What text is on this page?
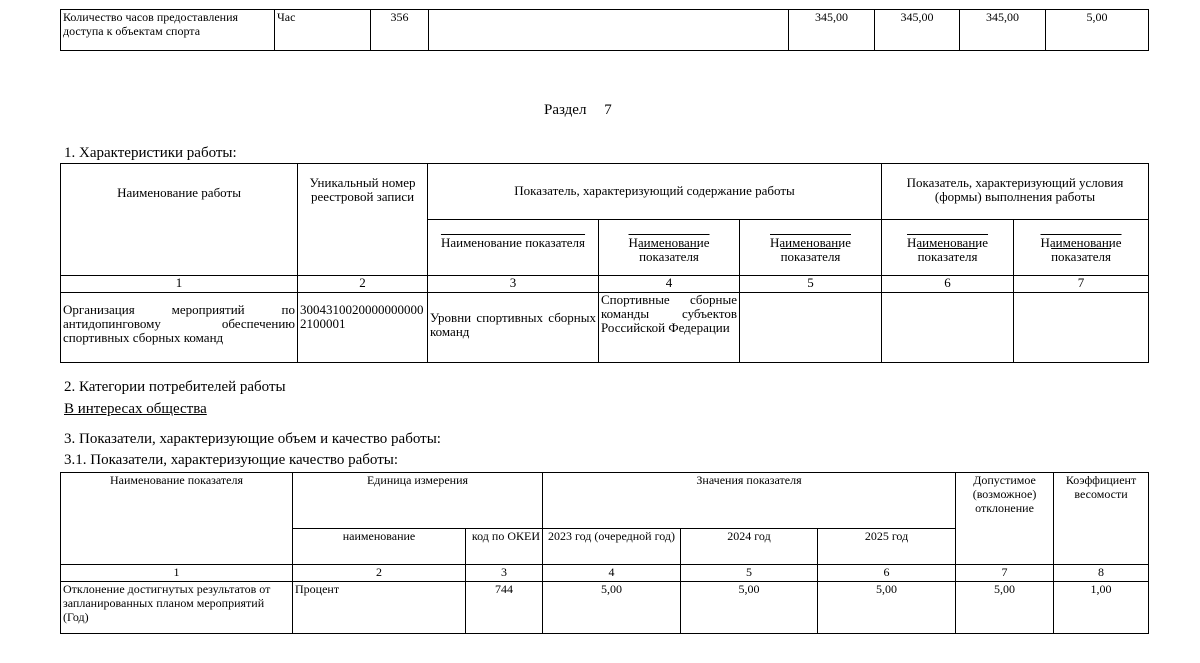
Количество часов предоставления доступа к объектам спорта	Час	356		345,00	345,00	345,00	5,00
Раздел 7
1. Характеристики работы:
Наименование работы	Уникальный номер реестровой записи	Показатель, характеризующий содержание работы			Показатель, характеризующий условия (формы) выполнения работы	
		Наименование показателя	Наименование показателя	Наименование показателя	Наименование показателя	Наименование показателя
1	2	3	4	5	6	7

Организация мероприятий по антидопинговому обеспечению спортивных сборных команд	30043100200000000002100001	Уровни спортивных сборных команд	Спортивные сборные команды субъектов Российской Федерации			

2. Категории потребителей работы
В интересах общества
3. Показатели, характеризующие объем и качество работы:
3.1. Показатели, характеризующие качество работы:
Наименование показателя	Единица измерения		Значения показателя			Допустимое (возможное) отклонение	Коэффициент весомости
	наименование	код по ОКЕИ	2023 год (очередной год)	2024 год	2025 год		
1	2	3	4	5	6	7	8
Отклонение достигнутых результатов от запланированных планом мероприятий (Год)	Процент	744	5,00	5,00	5,00	5,00	1,00
